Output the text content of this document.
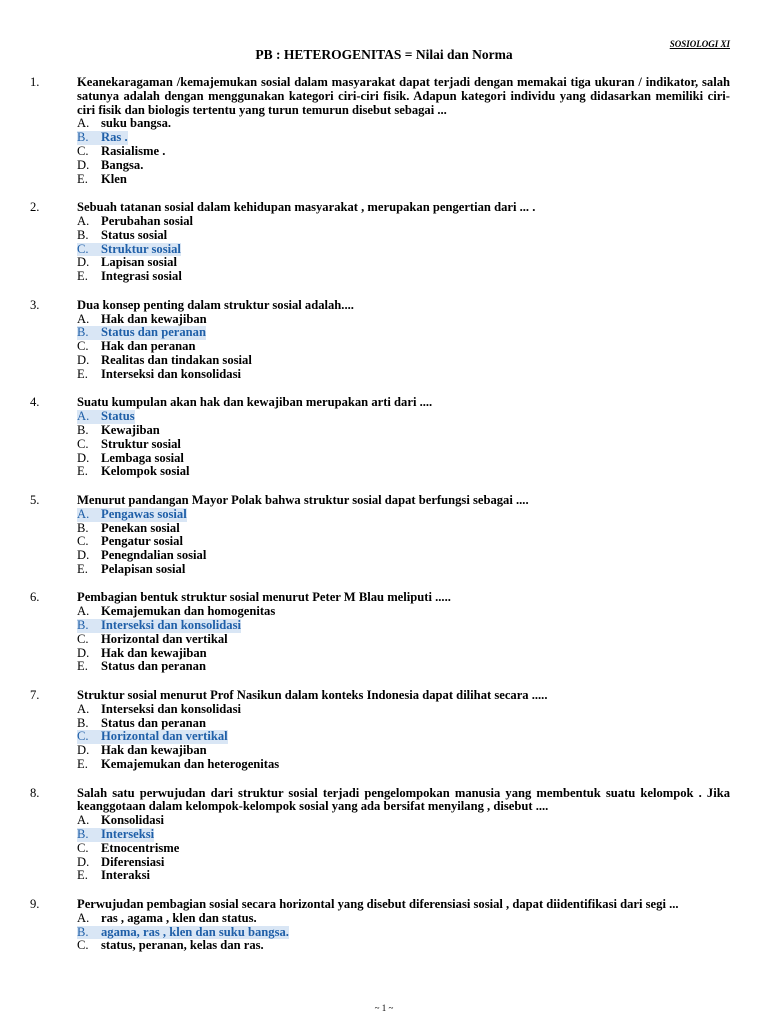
SOSIOLOGI XI
PB : HETEROGENITAS = Nilai dan Norma
1.	Keanekaragaman /kemajemukan sosial dalam masyarakat dapat terjadi dengan memakai tiga ukuran / indikator, salah satunya adalah dengan menggunakan kategori ciri-ciri fisik. Adapun kategori individu yang didasarkan memiliki ciri-ciri fisik dan biologis tertentu yang turun temurun disebut sebagai ...
A. suku bangsa.
B. Ras .
C. Rasialisme .
D. Bangsa.
E.	Klen
2.	Sebuah tatanan sosial dalam kehidupan masyarakat , merupakan pengertian dari ... .
A. Perubahan sosial
B. Status sosial
C. Struktur sosial
D. Lapisan sosial
E.	Integrasi sosial
3.	Dua konsep penting dalam struktur sosial adalah....
A. Hak dan kewajiban
B. Status dan peranan
C. Hak dan peranan
D. Realitas dan tindakan sosial
E.	Interseksi dan konsolidasi
4.	Suatu kumpulan akan hak dan kewajiban merupakan arti dari ....
A. Status
B. Kewajiban
C. Struktur sosial
D. Lembaga sosial
E.	Kelompok sosial
5.	Menurut pandangan Mayor Polak bahwa struktur sosial dapat berfungsi sebagai ....
A. Pengawas sosial
B. Penekan sosial
C. Pengatur sosial
D. Penegndalian sosial
E.	Pelapisan sosial
6.	Pembagian bentuk struktur sosial menurut Peter M Blau meliputi .....
A. Kemajemukan dan homogenitas
B. Interseksi dan konsolidasi
C. Horizontal dan vertikal
D. Hak dan kewajiban
E.	Status dan peranan
7.	Struktur sosial menurut Prof Nasikun dalam konteks Indonesia dapat dilihat secara .....
A. Interseksi dan konsolidasi
B. Status dan peranan
C. Horizontal dan vertikal
D. Hak dan kewajiban
E.	Kemajemukan dan heterogenitas
8.	Salah satu perwujudan dari struktur sosial terjadi pengelompokan manusia yang membentuk suatu kelompok . Jika keanggotaan dalam kelompok-kelompok sosial yang ada bersifat menyilang , disebut ....
A. Konsolidasi
B. Interseksi
C. Etnocentrisme
D. Diferensiasi
E.	Interaksi
9.	Perwujudan pembagian sosial secara horizontal yang disebut diferensiasi sosial , dapat diidentifikasi dari segi ...
A. ras , agama , klen dan status.
B.agama, ras , klen dan suku bangsa.
C. status, peranan, kelas dan ras.
~ 1 ~
